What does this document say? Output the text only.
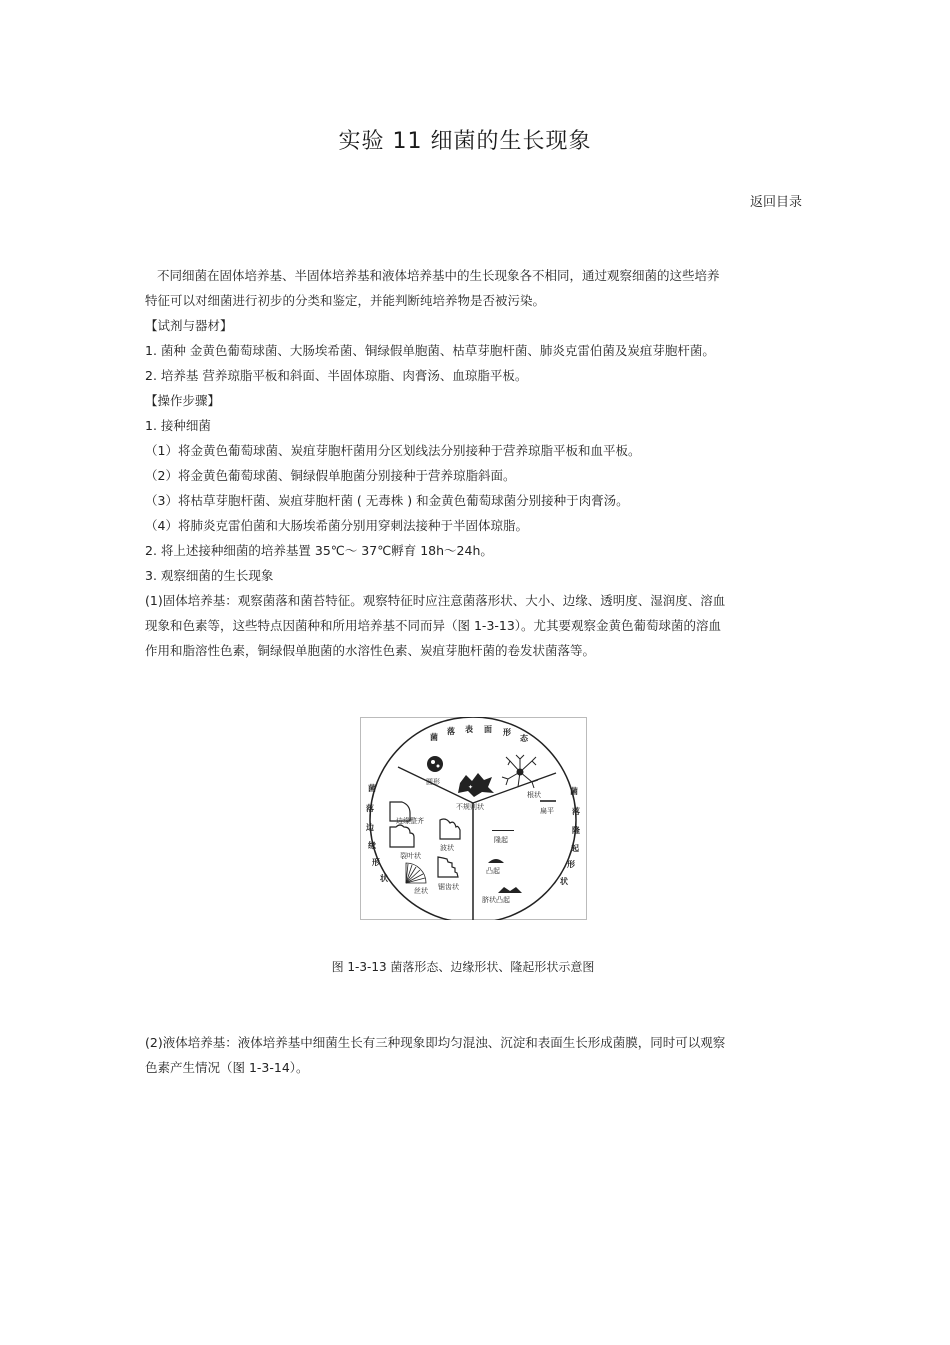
实验 11 细菌的生长现象
返回目录

不同细菌在固体培养基、半固体培养基和液体培养基中的生长现象各不相同，通过观察细菌的这些培养

特征可以对细菌进行初步的分类和鉴定，并能判断纯培养物是否被污染。

【试剂与器材】

1. 菌种 金黄色葡萄球菌、大肠埃希菌、铜绿假单胞菌、枯草芽胞杆菌、肺炎克雷伯菌及炭疽芽胞杆菌。

2. 培养基 营养琼脂平板和斜面、半固体琼脂、肉膏汤、血琼脂平板。

【操作步骤】

1. 接种细菌

（1）将金黄色葡萄球菌、炭疽芽胞杆菌用分区划线法分别接种于营养琼脂平板和血平板。

（2）将金黄色葡萄球菌、铜绿假单胞菌分别接种于营养琼脂斜面。

（3）将枯草芽胞杆菌、炭疽芽胞杆菌 ( 无毒株 ) 和金黄色葡萄球菌分别接种于肉膏汤。

（4）将肺炎克雷伯菌和大肠埃希菌分别用穿刺法接种于半固体琼脂。

2. 将上述接种细菌的培养基置 35℃～ 37℃孵育 18h～24h。

3. 观察细菌的生长现象

(1)固体培养基：观察菌落和菌苔特征。观察特征时应注意菌落形状、大小、边缘、透明度、湿润度、溶血

现象和色素等，这些特点因菌种和所用培养基不同而异（图 1-3-13）。尤其要观察金黄色葡萄球菌的溶血

作用和脂溶性色素，铜绿假单胞菌的水溶性色素、炭疽芽胞杆菌的卷发状菌落等。

菌
落 表 面 形
态
菌
落
边
缘
形
状
菌
落
隆
起
形
状
圆形
✦
不规则状
根状
边缘整齐
裂叶状
丝状
波状
锯齿状
扁平
隆起
凸起
脐状凸起
图 1-3-13 菌落形态、边缘形状、隆起形状示意图

(2)液体培养基：液体培养基中细菌生长有三种现象即均匀混浊、沉淀和表面生长形成菌膜，同时可以观察

色素产生情况（图 1-3-14）。
